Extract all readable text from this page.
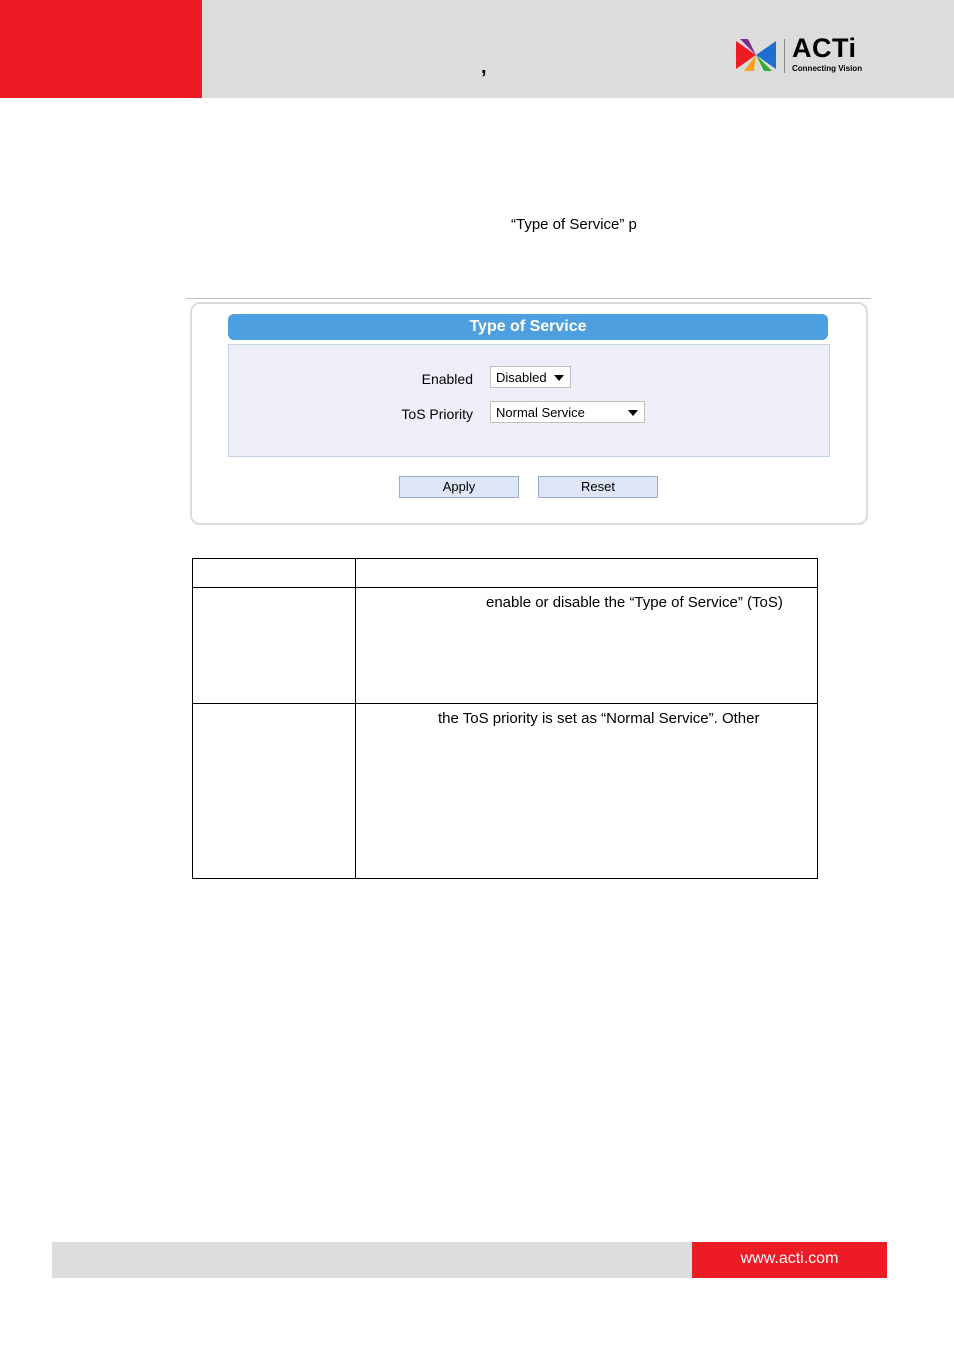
,
ACTi
Connecting Vision
“Type of Service” p
Type of Service
Enabled	Disabled
ToS Priority	Normal Service
Apply	Reset

	enable or disable the “Type of Service” (ToS)

	the ToS priority is set as “Normal Service”. Other
www.acti.com
